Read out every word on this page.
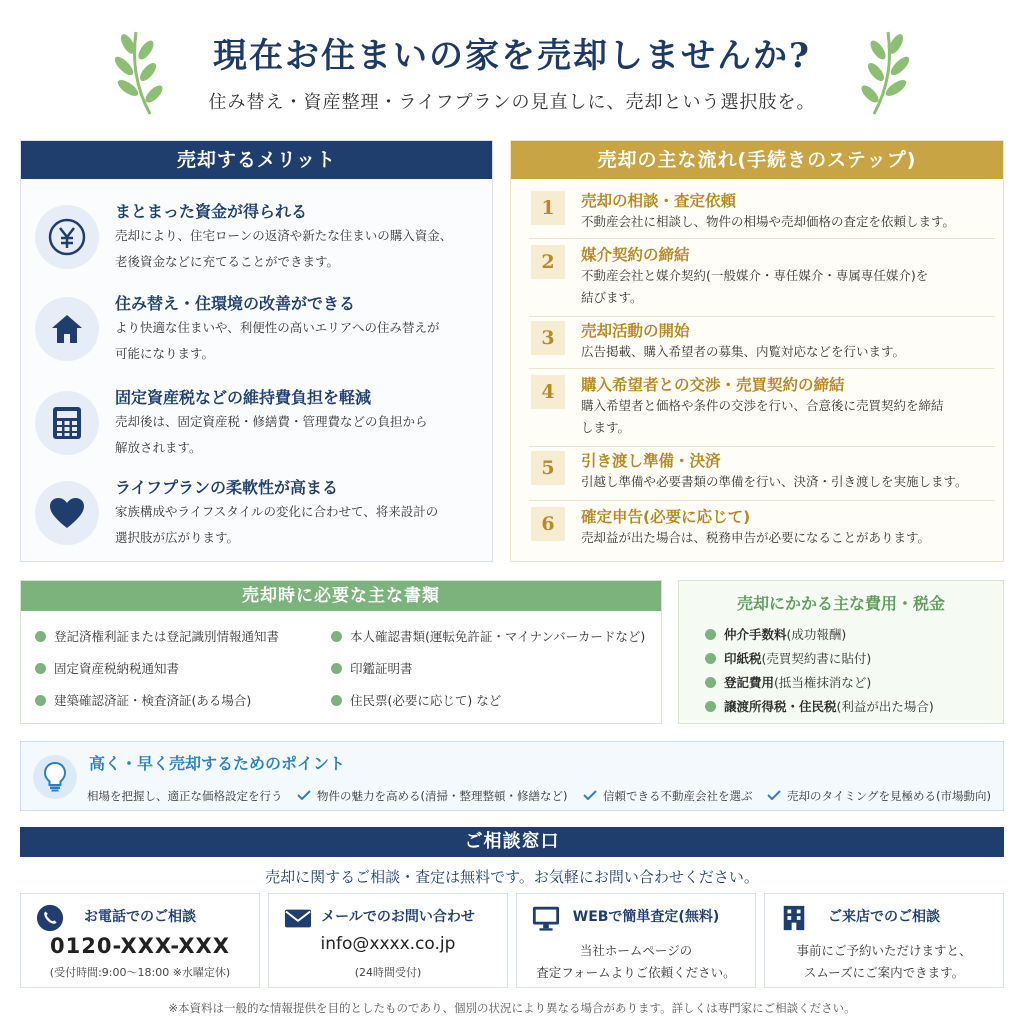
現在お住まいの家を売却しませんか?
住み替え・資産整理・ライフプランの見直しに、売却という選択肢を。
売却するメリット
まとまった資金が得られる
売却により、住宅ローンの返済や新たな住まいの購入資金、
老後資金などに充てることができます。
住み替え・住環境の改善ができる
より快適な住まいや、利便性の高いエリアへの住み替えが
可能になります。
固定資産税などの維持費負担を軽減
売却後は、固定資産税・修繕費・管理費などの負担から
解放されます。
ライフプランの柔軟性が高まる
家族構成やライフスタイルの変化に合わせて、将来設計の
選択肢が広がります。
売却の主な流れ(手続きのステップ)
1	売却の相談・査定依頼
不動産会社に相談し、物件の相場や売却価格の査定を依頼します。
2	媒介契約の締結
不動産会社と媒介契約(一般媒介・専任媒介・専属専任媒介)を
結びます。
3	売却活動の開始
広告掲載、購入希望者の募集、内覧対応などを行います。
4	購入希望者との交渉・売買契約の締結
購入希望者と価格や条件の交渉を行い、合意後に売買契約を締結
します。
5	引き渡し準備・決済
引越し準備や必要書類の準備を行い、決済・引き渡しを実施します。
6	確定申告(必要に応じて)
売却益が出た場合は、税務申告が必要になることがあります。
売却時に必要な主な書類
登記済権利証または登記識別情報通知書
固定資産税納税通知書
建築確認済証・検査済証(ある場合)
本人確認書類(運転免許証・マイナンバーカードなど)
印鑑証明書
住民票(必要に応じて) など
売却にかかる主な費用・税金
仲介手数料(成功報酬)
印紙税(売買契約書に貼付)
登記費用(抵当権抹消など)
譲渡所得税・住民税(利益が出た場合)
高く・早く売却するためのポイント
相場を把握し、適正な価格設定を行う	物件の魅力を高める(清掃・整理整頓・修繕など)	信頼できる不動産会社を選ぶ	売却のタイミングを見極める(市場動向)
ご相談窓口
売却に関するご相談・査定は無料です。お気軽にお問い合わせください。
お電話でのご相談
0120-XXX-XXX
(受付時間:9:00〜18:00 ※水曜定休)
メールでのお問い合わせ
info@xxxx.co.jp
(24時間受付)
WEBで簡単査定(無料)
当社ホームページの
査定フォームよりご依頼ください。
ご来店でのご相談
事前にご予約いただけますと、
スムーズにご案内できます。
※本資料は一般的な情報提供を目的としたものであり、個別の状況により異なる場合があります。詳しくは専門家にご相談ください。
